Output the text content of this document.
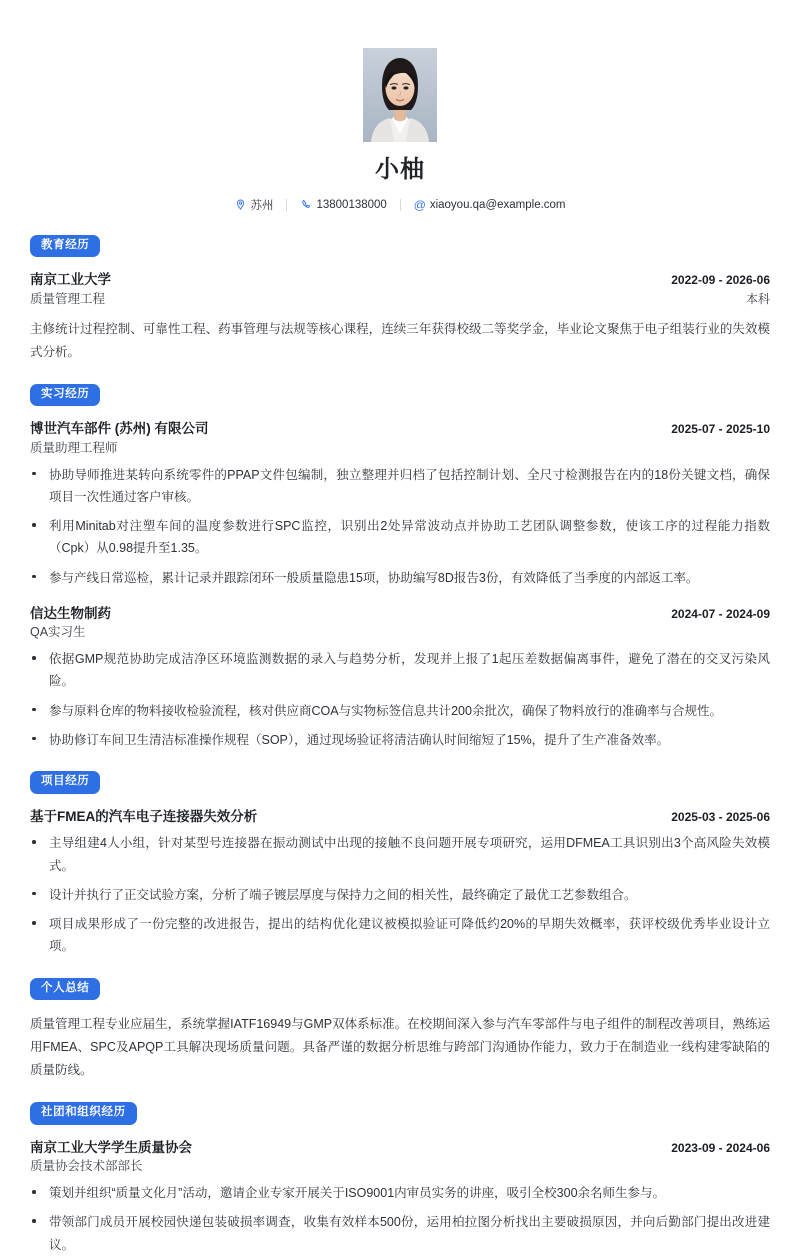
小柚
苏州	13800138000 @ xiaoyou.qa@example.com
教育经历
南京工业大学	2022-09 - 2026-06
质量管理工程	本科
主修统计过程控制、可靠性工程、药事管理与法规等核心课程，连续三年获得校级二等奖学金，毕业论文聚焦于电子组装行业的失效模式分析。
实习经历
博世汽车部件 (苏州) 有限公司	2025-07 - 2025-10
质量助理工程师
协助导师推进某转向系统零件的PPAP文件包编制，独立整理并归档了包括控制计划、全尺寸检测报告在内的18份关键文档，确保项目一次性通过客户审核。
利用Minitab对注塑车间的温度参数进行SPC监控，识别出2处异常波动点并协助工艺团队调整参数，使该工序的过程能力指数（Cpk）从0.98提升至1.35。
参与产线日常巡检，累计记录并跟踪闭环一般质量隐患15项，协助编写8D报告3份，有效降低了当季度的内部返工率。
信达生物制药	2024-07 - 2024-09
QA实习生
依据GMP规范协助完成洁净区环境监测数据的录入与趋势分析，发现并上报了1起压差数据偏离事件，避免了潜在的交叉污染风险。
参与原料仓库的物料接收检验流程，核对供应商COA与实物标签信息共计200余批次，确保了物料放行的准确率与合规性。
协助修订车间卫生清洁标准操作规程（SOP），通过现场验证将清洁确认时间缩短了15%，提升了生产准备效率。
项目经历
基于FMEA的汽车电子连接器失效分析	2025-03 - 2025-06
主导组建4人小组，针对某型号连接器在振动测试中出现的接触不良问题开展专项研究，运用DFMEA工具识别出3个高风险失效模式。
设计并执行了正交试验方案，分析了端子镀层厚度与保持力之间的相关性，最终确定了最优工艺参数组合。
项目成果形成了一份完整的改进报告，提出的结构优化建议被模拟验证可降低约20%的早期失效概率，获评校级优秀毕业设计立项。
个人总结
质量管理工程专业应届生，系统掌握IATF16949与GMP双体系标准。在校期间深入参与汽车零部件与电子组件的制程改善项目，熟练运用FMEA、SPC及APQP工具解决现场质量问题。具备严谨的数据分析思维与跨部门沟通协作能力，致力于在制造业一线构建零缺陷的质量防线。
社团和组织经历
南京工业大学学生质量协会	2023-09 - 2024-06
质量协会技术部部长
策划并组织“质量文化月”活动，邀请企业专家开展关于ISO9001内审员实务的讲座，吸引全校300余名师生参与。
带领部门成员开展校园快递包装破损率调查，收集有效样本500份，运用柏拉图分析找出主要破损原因，并向后勤部门提出改进建议。
